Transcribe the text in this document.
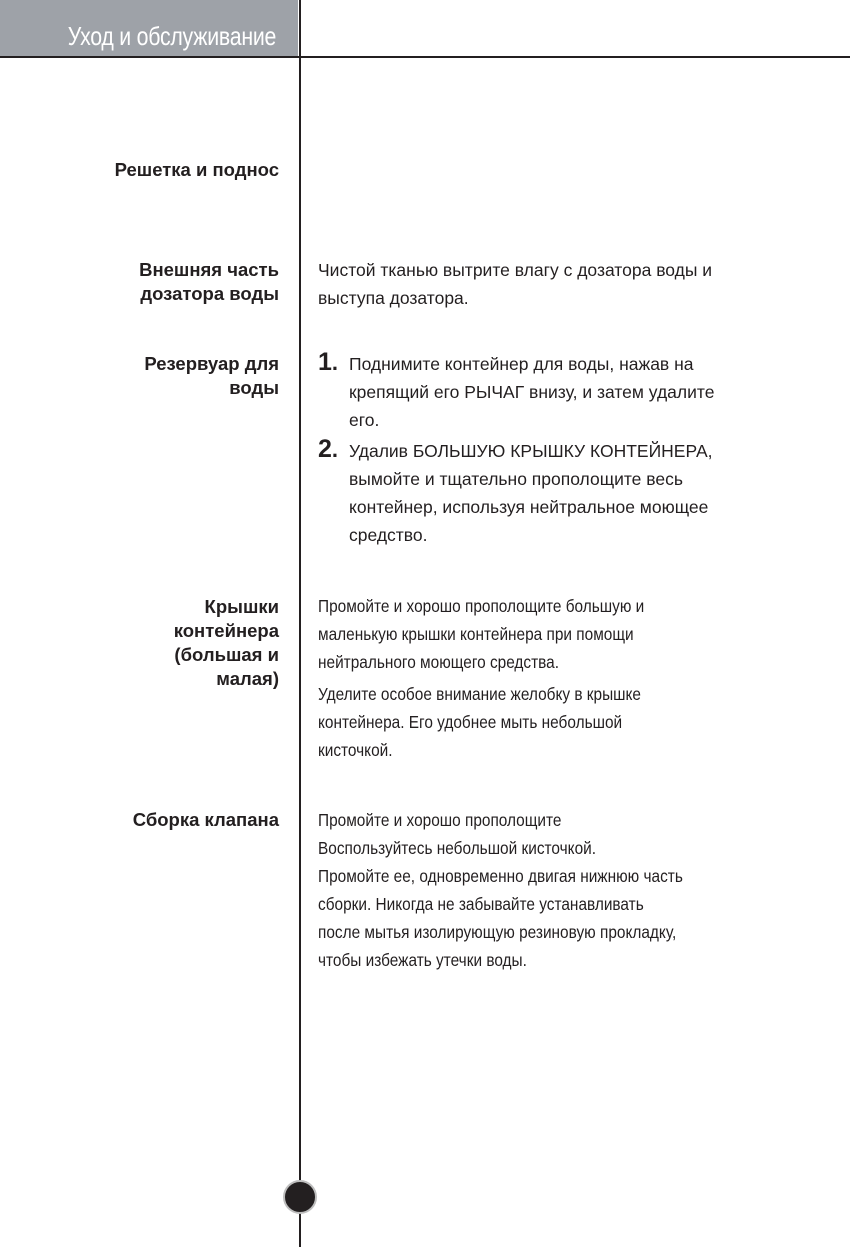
Уход и обслуживание
Решетка и поднос
Внешняя часть
дозатора воды

Чистой тканью вытрите влагу с дозатора воды и

выступа дозатора.

Резервуар для
воды
1. Поднимите контейнер для воды, нажав на
крепящий его РЫЧАГ внизу, и затем удалите
его.
2. Удалив БОЛЬШУЮ КРЫШКУ КОНТЕЙНЕРА,
вымойте и тщательно прополощите весь
контейнер, используя нейтральное моющее
средство.
Крышки
контейнера
(большая и
малая)

Промойте и хорошо прополощите большую и

маленькую крышки контейнера при помощи

нейтрального моющего средства.

Уделите особое внимание желобку в крышке

контейнера. Его удобнее мыть небольшой

кисточкой.

Сборка клапана Промойте и хорошо прополощите

Воспользуйтесь небольшой кисточкой.

Промойте ее, одновременно двигая нижнюю часть

сборки. Никогда не забывайте устанавливать

после мытья изолирующую резиновую прокладку,

чтобы избежать утечки воды.
